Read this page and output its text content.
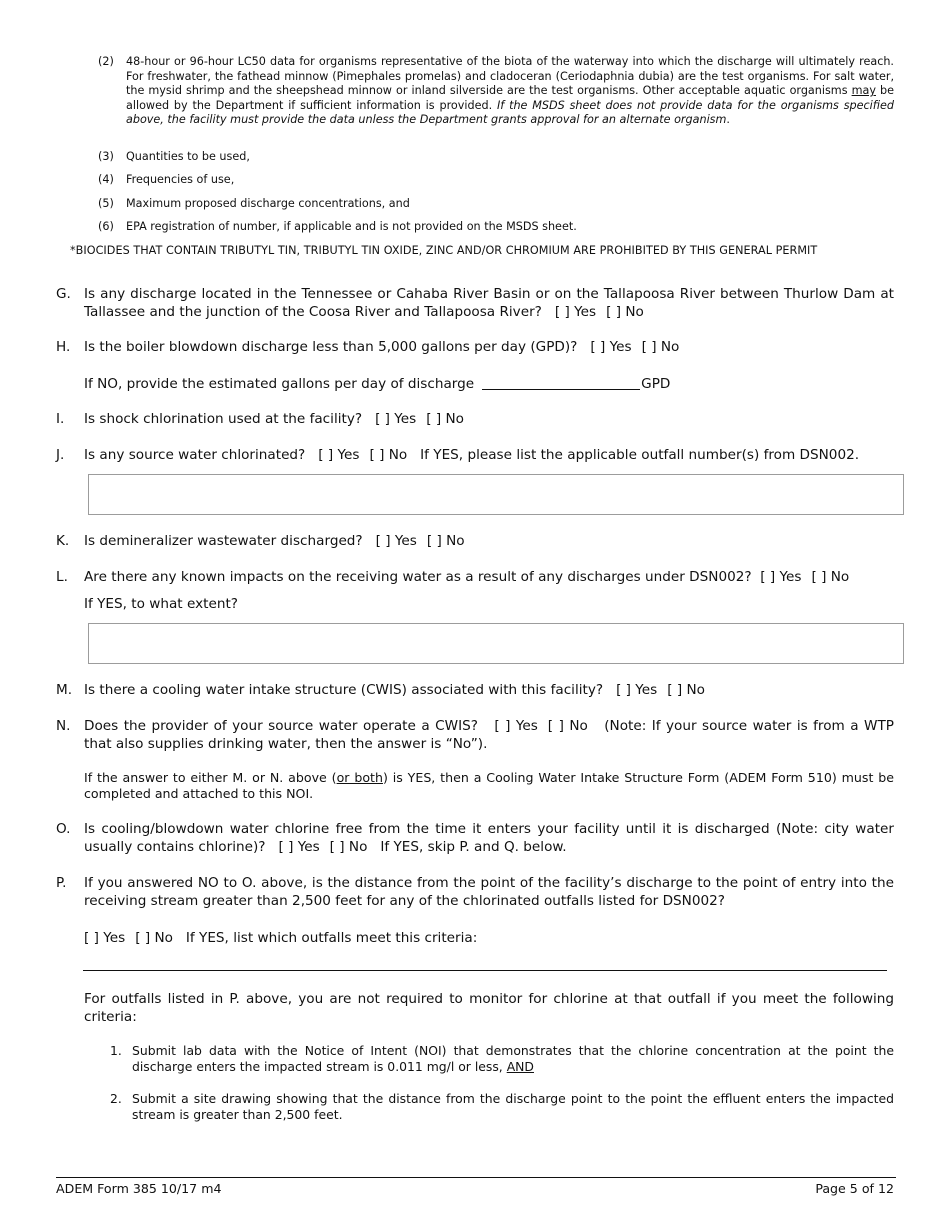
(2) 48-hour or 96-hour LC50 data for organisms representative of the biota of the waterway into which the discharge will ultimately reach. For freshwater, the fathead minnow (Pimephales promelas) and cladoceran (Ceriodaphnia dubia) are the test organisms. For salt water, the mysid shrimp and the sheepshead minnow or inland silverside are the test organisms. Other acceptable aquatic organisms may be allowed by the Department if sufficient information is provided. If the MSDS sheet does not provide data for the organisms specified above, the facility must provide the data unless the Department grants approval for an alternate organism.
(3) Quantities to be used,
(4) Frequencies of use,
(5) Maximum proposed discharge concentrations, and
(6) EPA registration of number, if applicable and is not provided on the MSDS sheet.
*BIOCIDES THAT CONTAIN TRIBUTYL TIN, TRIBUTYL TIN OXIDE, ZINC AND/OR CHROMIUM ARE PROHIBITED BY THIS GENERAL PERMIT
G. Is any discharge located in the Tennessee or Cahaba River Basin or on the Tallapoosa River between Thurlow Dam at Tallassee and the junction of the Coosa River and Tallapoosa River? [ ] Yes [ ] No
H. Is the boiler blowdown discharge less than 5,000 gallons per day (GPD)? [ ] Yes [ ] No
If NO, provide the estimated gallons per day of discharge	GPD
I. Is shock chlorination used at the facility? [ ] Yes [ ] No
J. Is any source water chlorinated? [ ] Yes [ ] No If YES, please list the applicable outfall number(s) from DSN002.
K. Is demineralizer wastewater discharged? [ ] Yes [ ] No
L. Are there any known impacts on the receiving water as a result of any discharges under DSN002? [ ] Yes [ ] No
If YES, to what extent?
M. Is there a cooling water intake structure (CWIS) associated with this facility? [ ] Yes [ ] No
N. Does the provider of your source water operate a CWIS? [ ] Yes [ ] No (Note: If your source water is from a WTP that also supplies drinking water, then the answer is “No”).
If the answer to either M. or N. above (or both) is YES, then a Cooling Water Intake Structure Form (ADEM Form 510) must be completed and attached to this NOI.
O. Is cooling/blowdown water chlorine free from the time it enters your facility until it is discharged (Note: city water usually contains chlorine)? [ ] Yes [ ] No If YES, skip P. and Q. below.
P. If you answered NO to O. above, is the distance from the point of the facility’s discharge to the point of entry into the receiving stream greater than 2,500 feet for any of the chlorinated outfalls listed for DSN002?
[ ] Yes [ ] No If YES, list which outfalls meet this criteria:
For outfalls listed in P. above, you are not required to monitor for chlorine at that outfall if you meet the following criteria:
1. Submit lab data with the Notice of Intent (NOI) that demonstrates that the chlorine concentration at the point the discharge enters the impacted stream is 0.011 mg/l or less, AND
2. Submit a site drawing showing that the distance from the discharge point to the point the effluent enters the impacted stream is greater than 2,500 feet.
ADEM Form 385 10/17 m4	Page 5 of 12
